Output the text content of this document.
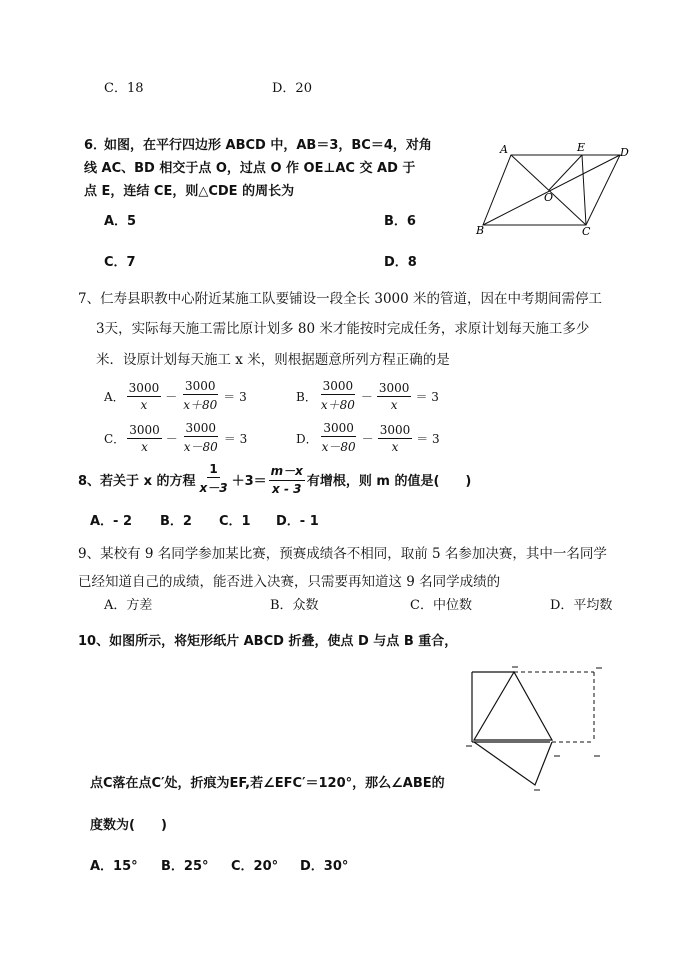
C．18	D．20
6．
如图，在平行四边形 ABCD 中，AB＝3，BC＝4，对角
线 AC、BD 相交于点 O，过点 O 作 OE⊥AC 交 AD 于
点 E，连结 CE，则△CDE 的周长为
A．5	B．6
C．7	D．8
A	E	D
O
B	C
7、仁寿县职教中心附近某施工队要铺设一段全长 3000 米的管道，因在中考期间需停工
3天，实际每天施工需比原计划多 80 米才能按时完成任务，求原计划每天施工多少
米．设原计划每天施工 x 米，则根据题意所列方程正确的是
A．
3000
x
－
3000
x＋80
＝ 3	B．
3000
x＋80
－
3000
x
＝ 3
C．
3000
x
－
3000
x－80
＝ 3	D．
3000
x－80
－
3000
x
＝ 3
8、若关于 x 的方程
1
x－3 ＋3＝
m－x
x - 3
有增根，则 m 的值是(　　)
A．- 2 B．2 C．1 D．- 1
9、某校有 9 名同学参加某比赛，预赛成绩各不相同，取前 5 名参加决赛，其中一名同学
已经知道自己的成绩，能否进入决赛，只需要再知道这 9 名同学成绩的
A．方差	B．众数	C．中位数	D．平均数
10、如图所示，将矩形纸片 ABCD 折叠，使点 D 与点 B 重合，
点C落在点C′处，折痕为EF,若∠EFC′＝120°，那么∠ABE的
度数为(　　)
A．15° B．25° C．20° D．30°
